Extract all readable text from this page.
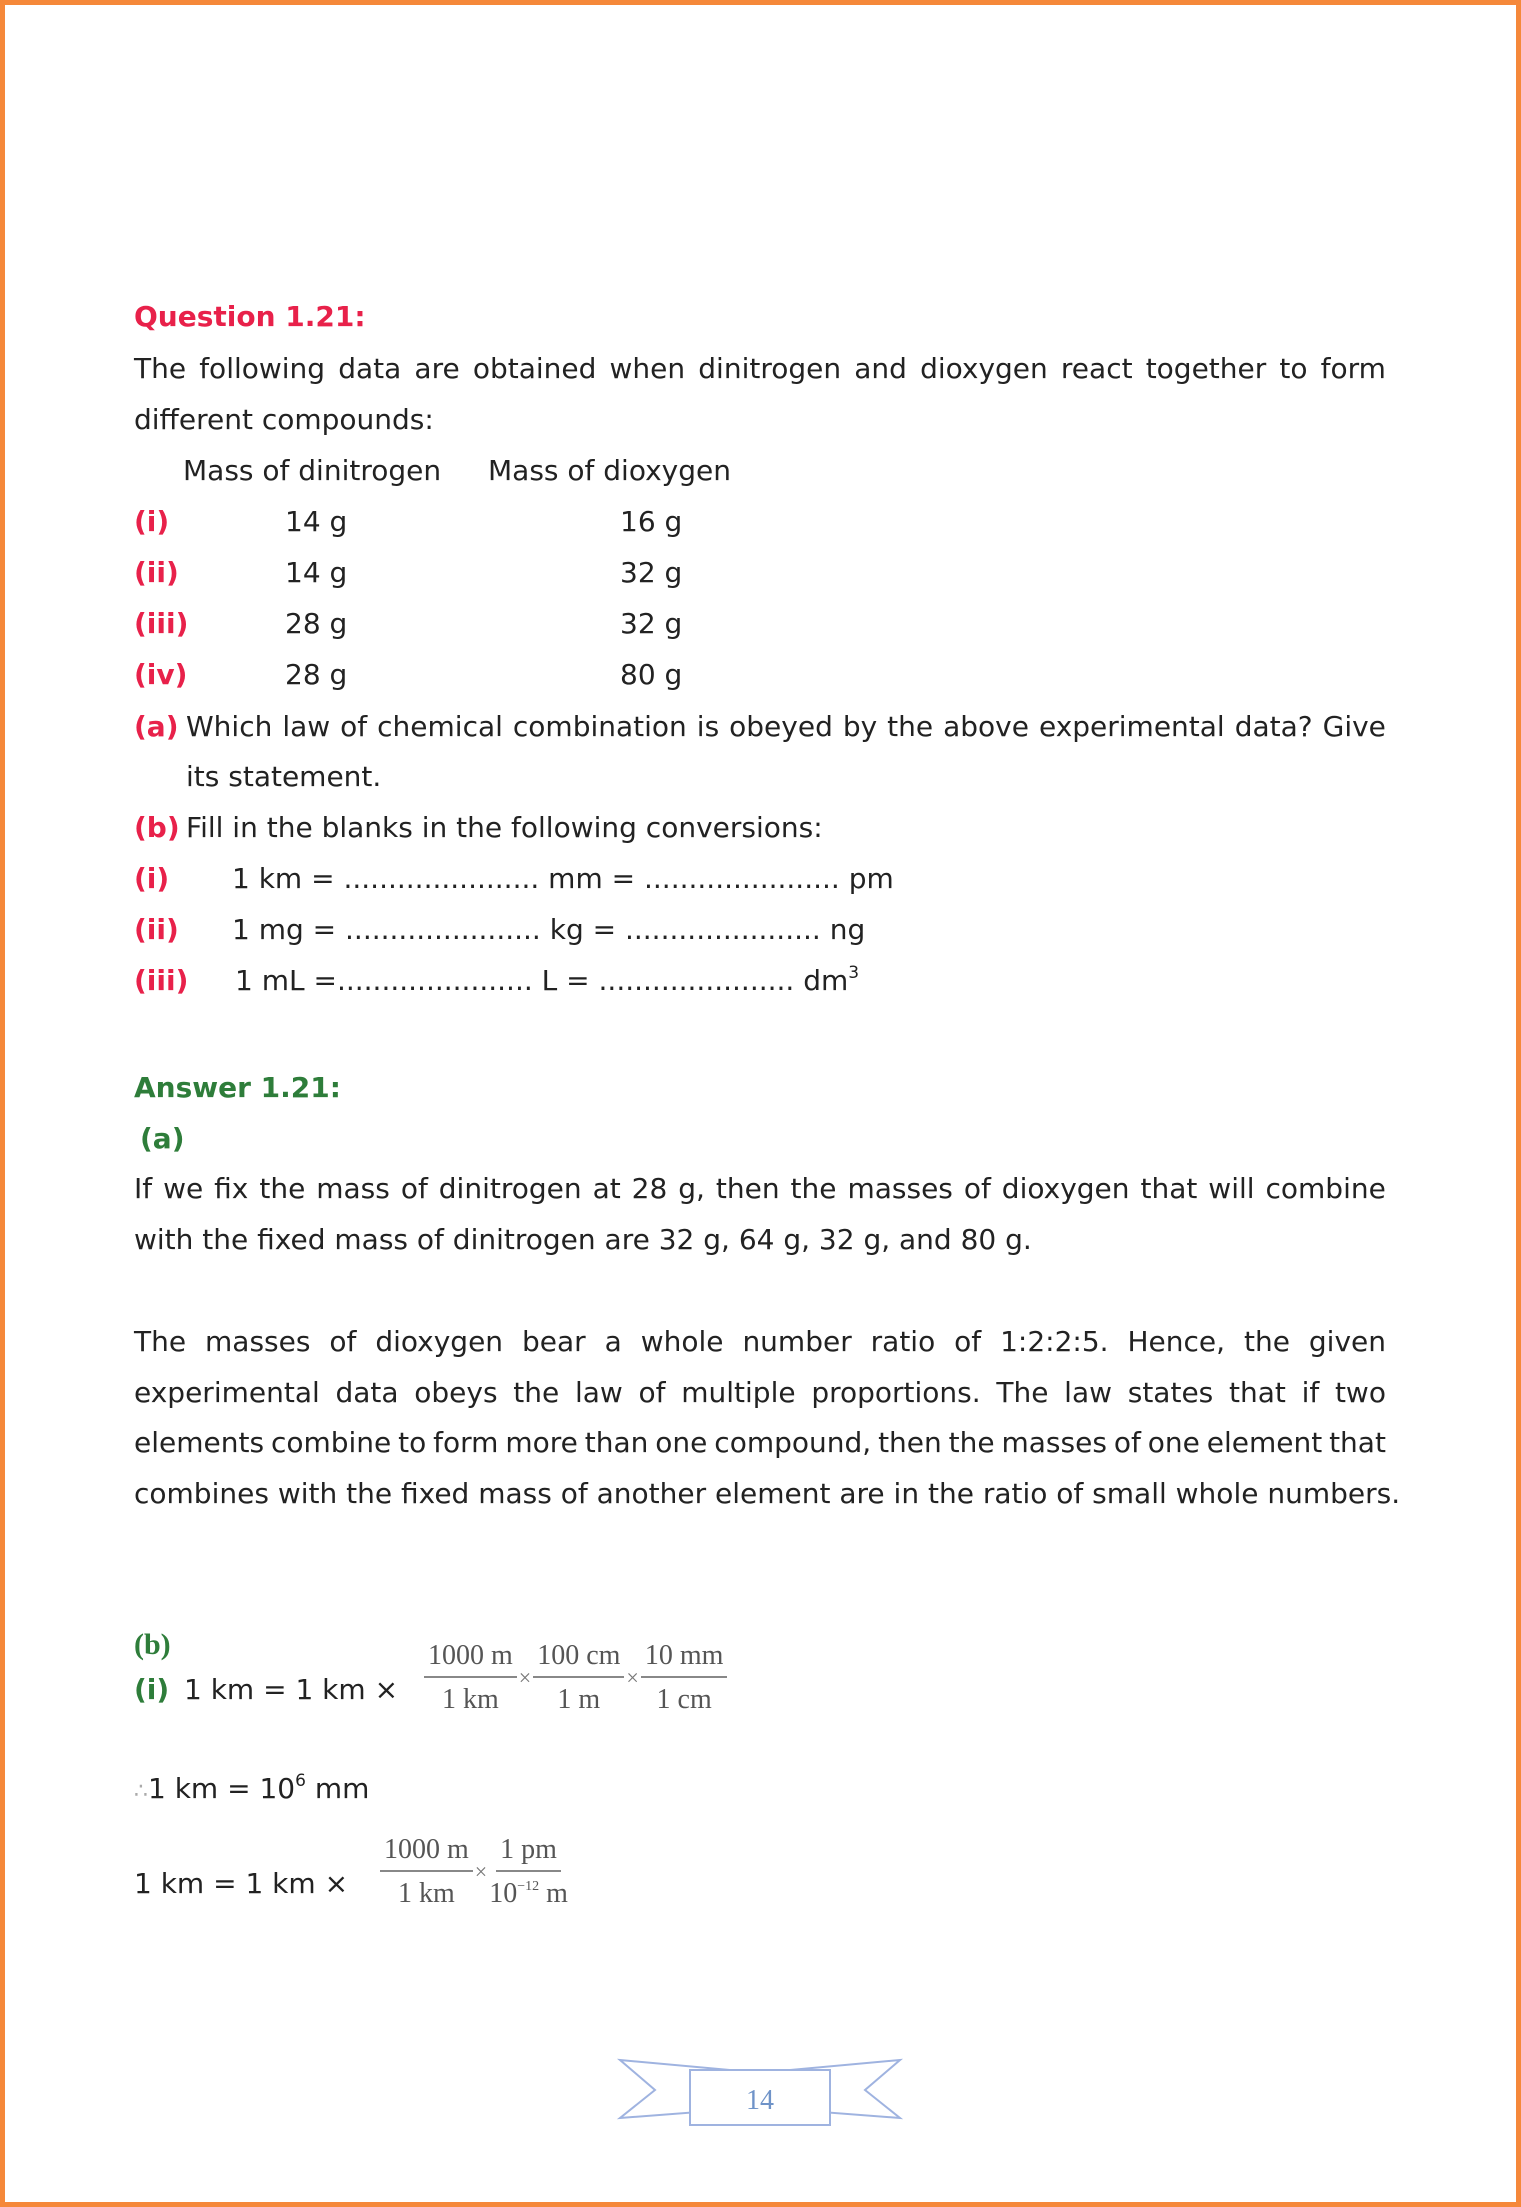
Question 1.21:
The following data are obtained when dinitrogen and dioxygen react together to form
different compounds:
Mass of dinitrogen Mass of dioxygen
(i)	14 g	16 g
(ii)	14 g	32 g
(iii)	28 g	32 g
(iv)	28 g	80 g
(a) Which law of chemical combination is obeyed by the above experimental data? Give
its statement.
(b) Fill in the blanks in the following conversions:
(i) 1 km = ...................... mm = ...................... pm
(ii) 1 mg = ...................... kg = ...................... ng
(iii) 1 mL =...................... L = ...................... $dm^3$
Answer 1.21:
(a)
If we fix the mass of dinitrogen at 28 g, then the masses of dioxygen that will combine
with the fixed mass of dinitrogen are 32 g, 64 g, 32 g, and 80 g.
The masses of dioxygen bear a whole number ratio of 1:2:2:5. Hence, the given
experimental data obeys the law of multiple proportions. The law states that if two
elements combine to form more than one compound, then the masses of one element that
combines with the fixed mass of another element are in the ratio of small whole numbers.
(b)
(i) 1 km = 1 km × $\frac{1000 m}{1 km} \times \frac{100 cm}{1 m} \times \frac{10 mm}{1 cm}$
∴1 km = $10^6$ mm
1 km = 1 km × $\frac{1000 m}{1 km} \times \frac{1 pm}{10^{-12} m}$
14
